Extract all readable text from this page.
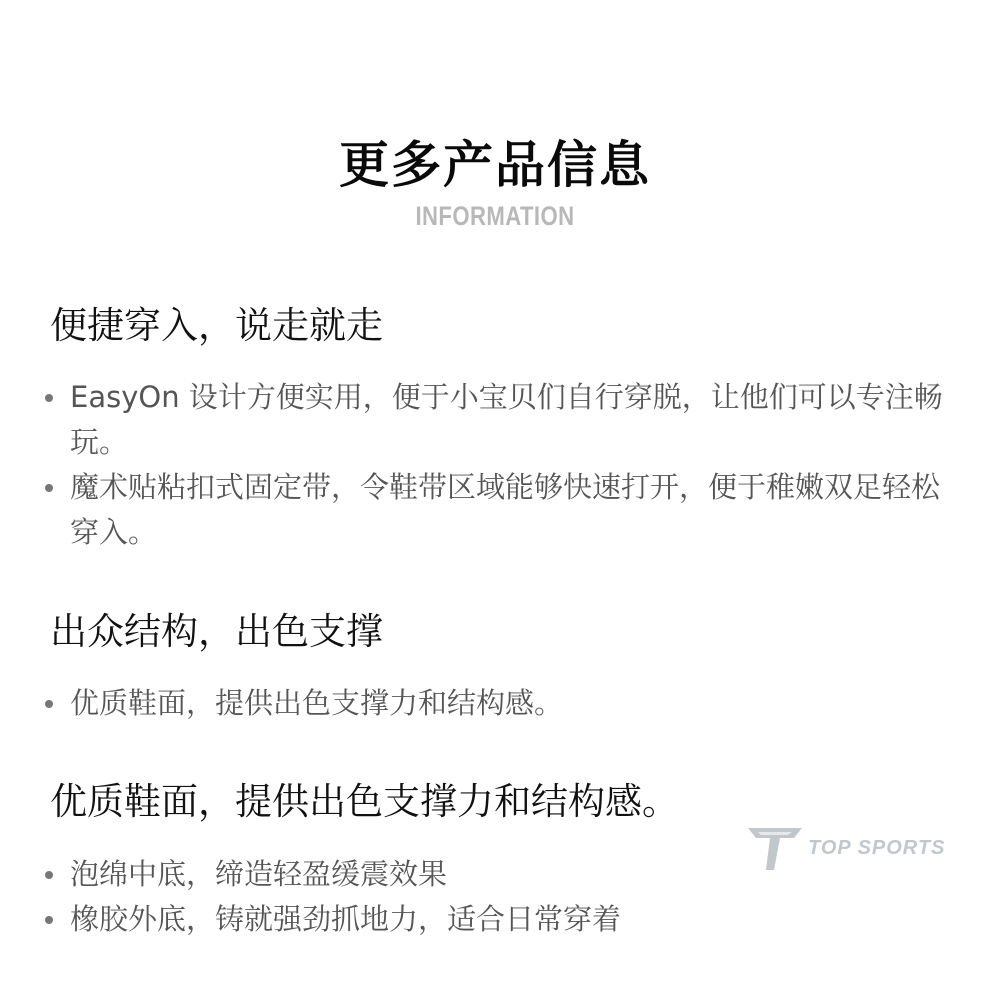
更多产品信息
INFORMATION
便捷穿入，说走就走
EasyOn 设计方便实用，便于小宝贝们自行穿脱，让他们可以专注畅玩。
魔术贴粘扣式固定带，令鞋带区域能够快速打开，便于稚嫩双足轻松穿入。
出众结构，出色支撑
优质鞋面，提供出色支撑力和结构感。
优质鞋面，提供出色支撑力和结构感。
泡绵中底，缔造轻盈缓震效果
橡胶外底，铸就强劲抓地力，适合日常穿着
TOP SPORTS
